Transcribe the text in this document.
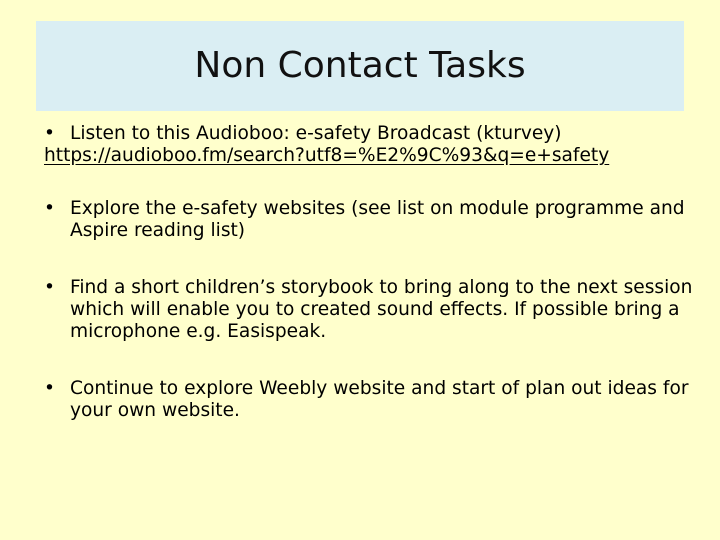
Non Contact Tasks
• Listen to this Audioboo: e-safety Broadcast (kturvey)
https://audioboo.fm/search?utf8=%E2%9C%93&q=e+safety
• Explore the e-safety websites (see list on module programme and Aspire reading list)
• Find a short children’s storybook to bring along to the next session which will enable you to created sound effects. If possible bring a microphone e.g. Easispeak.
• Continue to explore Weebly website and start of plan out ideas for your own website.
